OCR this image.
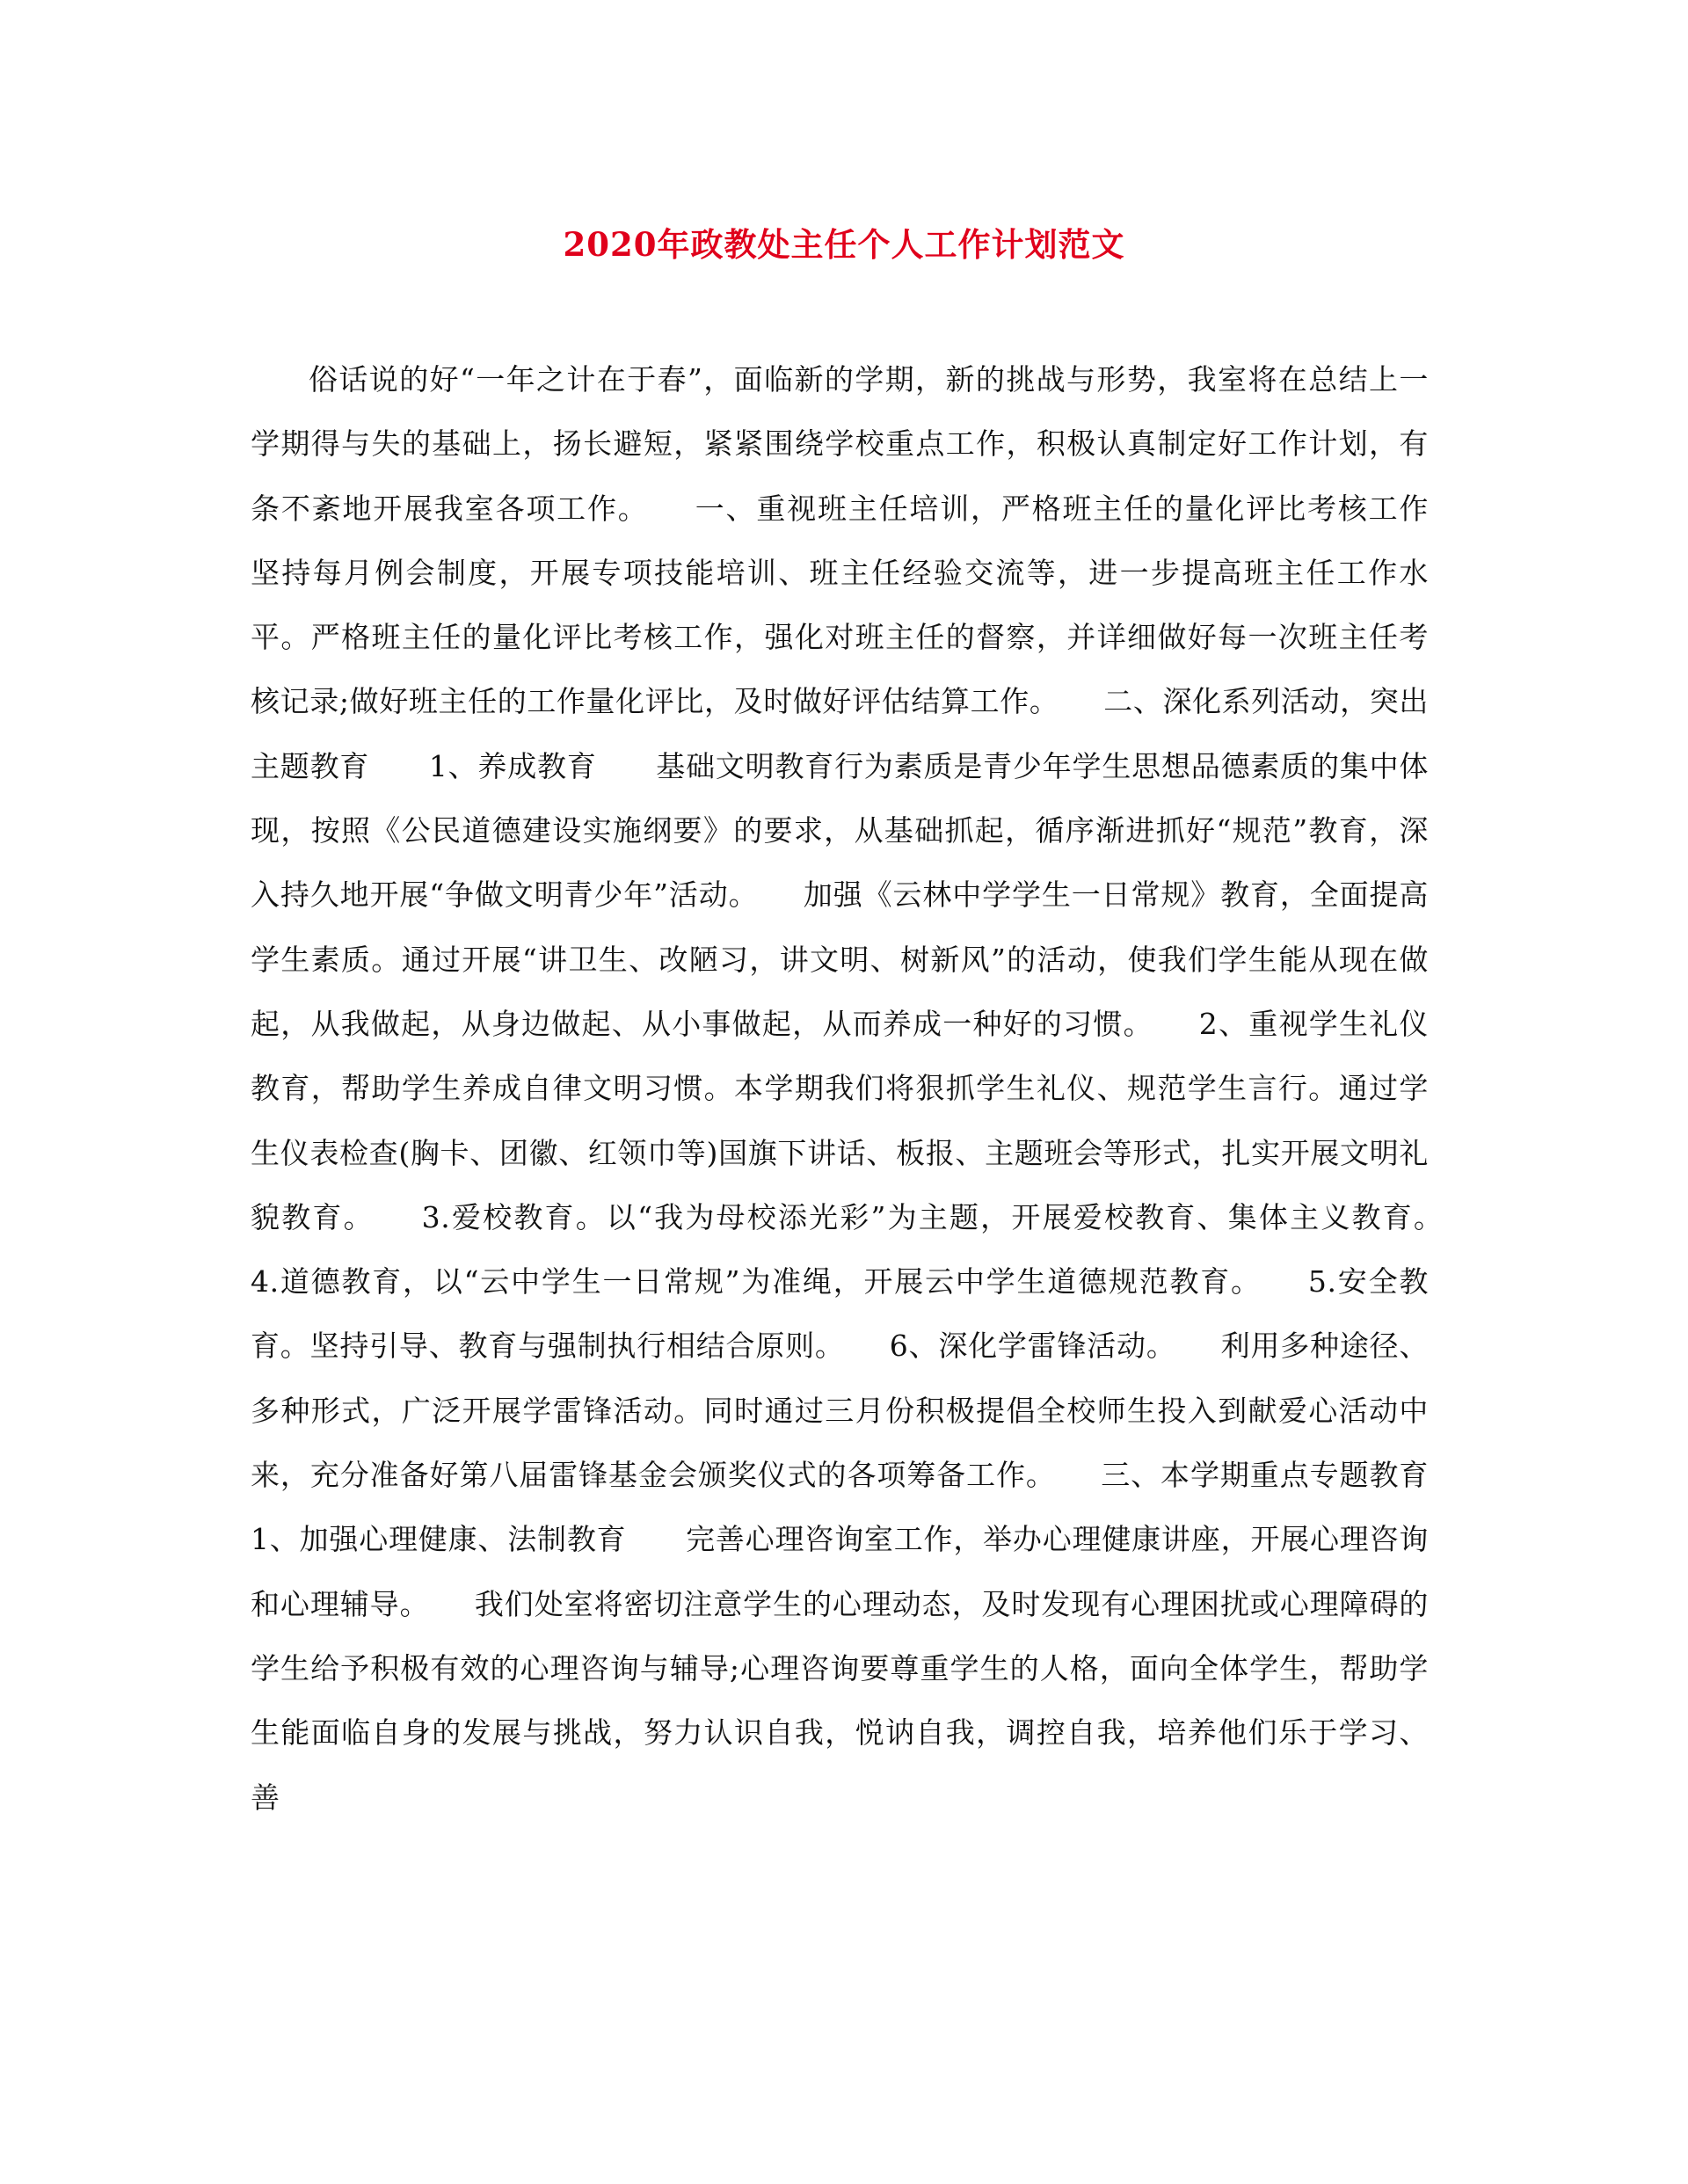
2020年政教处主任个人工作计划范文

俗话说的好“一年之计在于春”，面临新的学期，新的挑战与形势，我室将在总结上一学期得与失的基础上，扬长避短，紧紧围绕学校重点工作，积极认真制定好工作计划，有条不紊地开展我室各项工作。　　一、重视班主任培训，严格班主任的量化评比考核工作　　坚持每月例会制度，开展专项技能培训、班主任经验交流等，进一步提高班主任工作水平。严格班主任的量化评比考核工作，强化对班主任的督察，并详细做好每一次班主任考核记录;做好班主任的工作量化评比，及时做好评估结算工作。　　二、深化系列活动，突出主题教育　　1、养成教育　　基础文明教育行为素质是青少年学生思想品德素质的集中体现，按照《公民道德建设实施纲要》的要求，从基础抓起，循序渐进抓好“规范”教育，深入持久地开展“争做文明青少年”活动。　　加强《云林中学学生一日常规》教育，全面提高学生素质。通过开展“讲卫生、改陋习，讲文明、树新风”的活动，使我们学生能从现在做起，从我做起，从身边做起、从小事做起，从而养成一种好的习惯。　　2、重视学生礼仪教育，帮助学生养成自律文明习惯。本学期我们将狠抓学生礼仪、规范学生言行。通过学生仪表检查(胸卡、团徽、红领巾等)国旗下讲话、板报、主题班会等形式，扎实开展文明礼貌教育。　　3.爱校教育。以“我为母校添光彩”为主题，开展爱校教育、集体主义教育。　　4.道德教育，以“云中学生一日常规”为准绳，开展云中学生道德规范教育。　　5.安全教育。坚持引导、教育与强制执行相结合原则。　　6、深化学雷锋活动。　　利用多种途径、多种形式，广泛开展学雷锋活动。同时通过三月份积极提倡全校师生投入到献爱心活动中来，充分准备好第八届雷锋基金会颁奖仪式的各项筹备工作。　　三、本学期重点专题教育　　1、加强心理健康、法制教育　　完善心理咨询室工作，举办心理健康讲座，开展心理咨询和心理辅导。　　我们处室将密切注意学生的心理动态，及时发现有心理困扰或心理障碍的学生给予积极有效的心理咨询与辅导;心理咨询要尊重学生的人格，面向全体学生，帮助学生能面临自身的发展与挑战，努力认识自我，悦讷自我，调控自我，培养他们乐于学习、善
